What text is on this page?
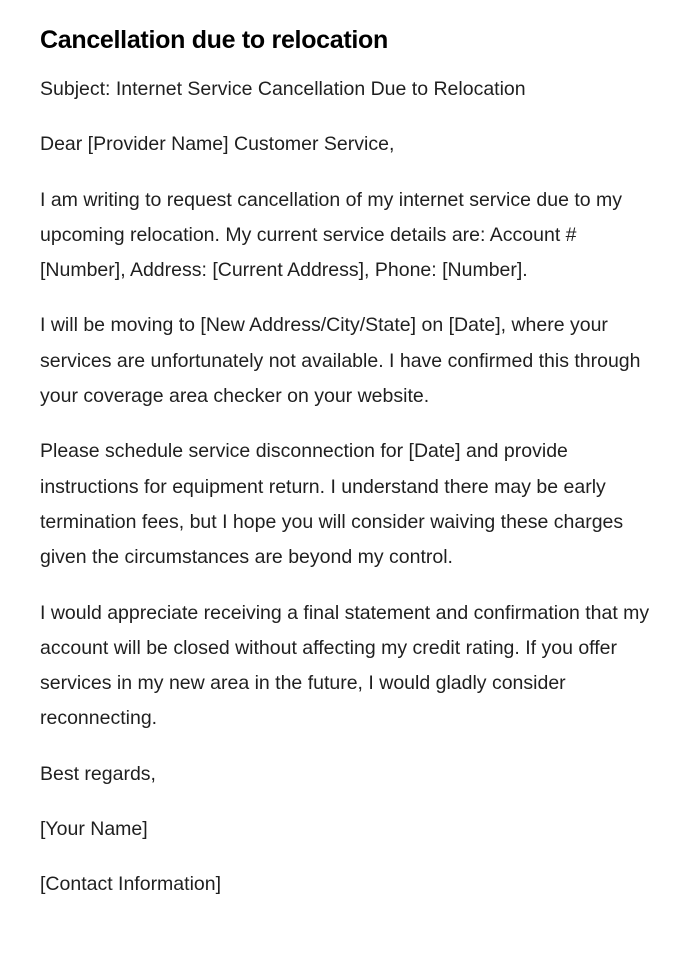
Cancellation due to relocation

Subject: Internet Service Cancellation Due to Relocation

Dear [Provider Name] Customer Service,

I am writing to request cancellation of my internet service due to my upcoming relocation. My current service details are: Account #[Number], Address: [Current Address], Phone: [Number].

I will be moving to [New Address/City/State] on [Date], where your services are unfortunately not available. I have confirmed this through your coverage area checker on your website.

Please schedule service disconnection for [Date] and provide instructions for equipment return. I understand there may be early termination fees, but I hope you will consider waiving these charges given the circumstances are beyond my control.

I would appreciate receiving a final statement and confirmation that my account will be closed without affecting my credit rating. If you offer services in my new area in the future, I would gladly consider reconnecting.

Best regards,

[Your Name]

[Contact Information]
